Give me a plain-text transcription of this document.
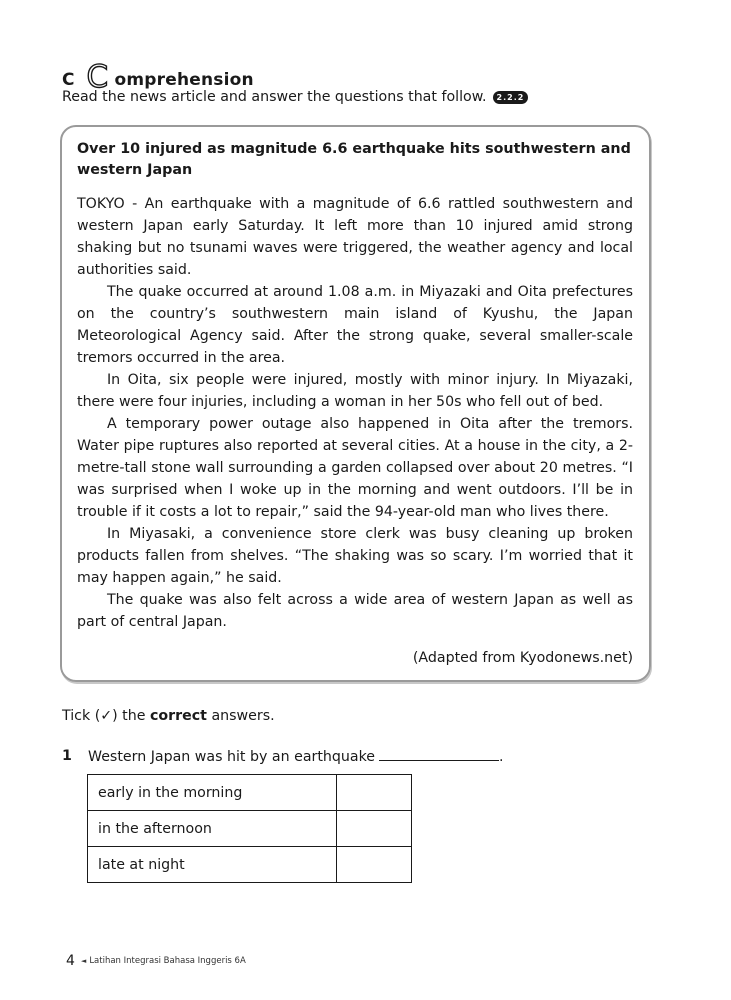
C C omprehension
Read the news article and answer the questions that follow.	2.2.2

Over 10 injured as magnitude 6.6 earthquake hits southwestern and western Japan

TOKYO - An earthquake with a magnitude of 6.6 rattled southwestern and western Japan early Saturday. It left more than 10 injured amid strong shaking but no tsunami waves were triggered, the weather agency and local authorities said.

The quake occurred at around 1.08 a.m. in Miyazaki and Oita prefectures on the country’s southwestern main island of Kyushu, the Japan Meteorological Agency said. After the strong quake, several smaller-scale tremors occurred in the area.

In Oita, six people were injured, mostly with minor injury. In Miyazaki, there were four injuries, including a woman in her 50s who fell out of bed.

A temporary power outage also happened in Oita after the tremors. Water pipe ruptures also reported at several cities. At a house in the city, a 2-metre-tall stone wall surrounding a garden collapsed over about 20 metres. “I was surprised when I woke up in the morning and went outdoors. I’ll be in trouble if it costs a lot to repair,” said the 94-year-old man who lives there.

In Miyasaki, a convenience store clerk was busy cleaning up broken products fallen from shelves. “The shaking was so scary. I’m worried that it may happen again,” he said.

The quake was also felt across a wide area of western Japan as well as part of central Japan.

(Adapted from Kyodonews.net)
Tick (✓) the correct answers.
1	Western Japan was hit by an earthquake	.
early in the morning	
in the afternoon	
late at night	
4 ◄ Latihan Integrasi Bahasa Inggeris 6A
